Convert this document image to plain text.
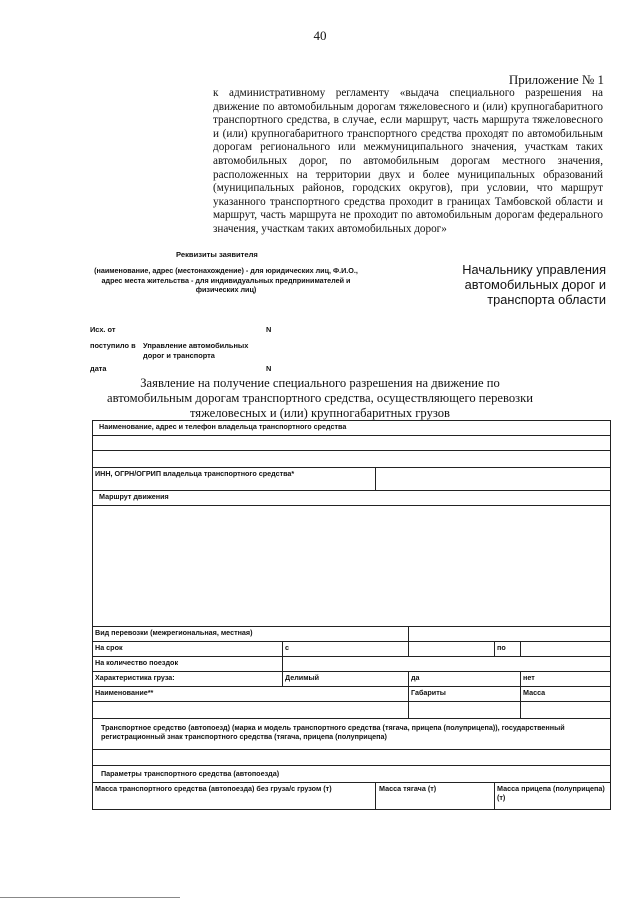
40
Приложение № 1
к административному регламенту «выдача специального разрешения на движение по автомобильным дорогам тяжеловесного и (или) крупногабаритного транспортного средства, в случае, если маршрут, часть маршрута тяжеловесного и (или) крупногабаритного транспортного средства проходят по автомобильным дорогам регионального или межмуниципального значения, участкам таких автомобильных дорог, по автомобильным дорогам местного значения, расположенных на территории двух и более муниципальных образований (муниципальных районов, городских округов), при условии, что маршрут указанного транспортного средства проходит в границах Тамбовской области и маршрут, часть маршрута не проходит по автомобильным дорогам федерального значения, участкам таких автомобильных дорог»
Реквизиты заявителя
(наименование, адрес (местонахождение) - для юридических лиц, Ф.И.О., адрес места жительства - для индивидуальных предпринимателей и физических лиц)
Начальнику управления автомобильных дорог и транспорта области
Исх. от	N
поступило в Управление автомобильных дорог и транспорта
дата	N
Заявление на получение специального разрешения на движение по автомобильным дорогам транспортного средства, осуществляющего перевозки тяжеловесных и (или) крупногабаритных грузов
Наименование, адрес и телефон владельца транспортного средства					

ИНН, ОГРН/ОГРИП владельца транспортного средства*					
Маршрут движения					

Вид перевозки (межрегиональная, местная)					
На срок	с			по	
На количество поездок					
Характеристика груза:	Делимый		да		нет
Наименование**			Габариты		Масса

Транспортное средство (автопоезд) (марка и модель транспортного средства (тягача, прицепа (полуприцепа)), государственный регистрационный знак транспортного средства (тягача, прицепа (полуприцепа)					

Параметры транспортного средства (автопоезда)					
Масса транспортного средства (автопоезда) без груза/с грузом (т)		Масса тягача (т)		Масса прицепа (полуприцепа) (т)	
